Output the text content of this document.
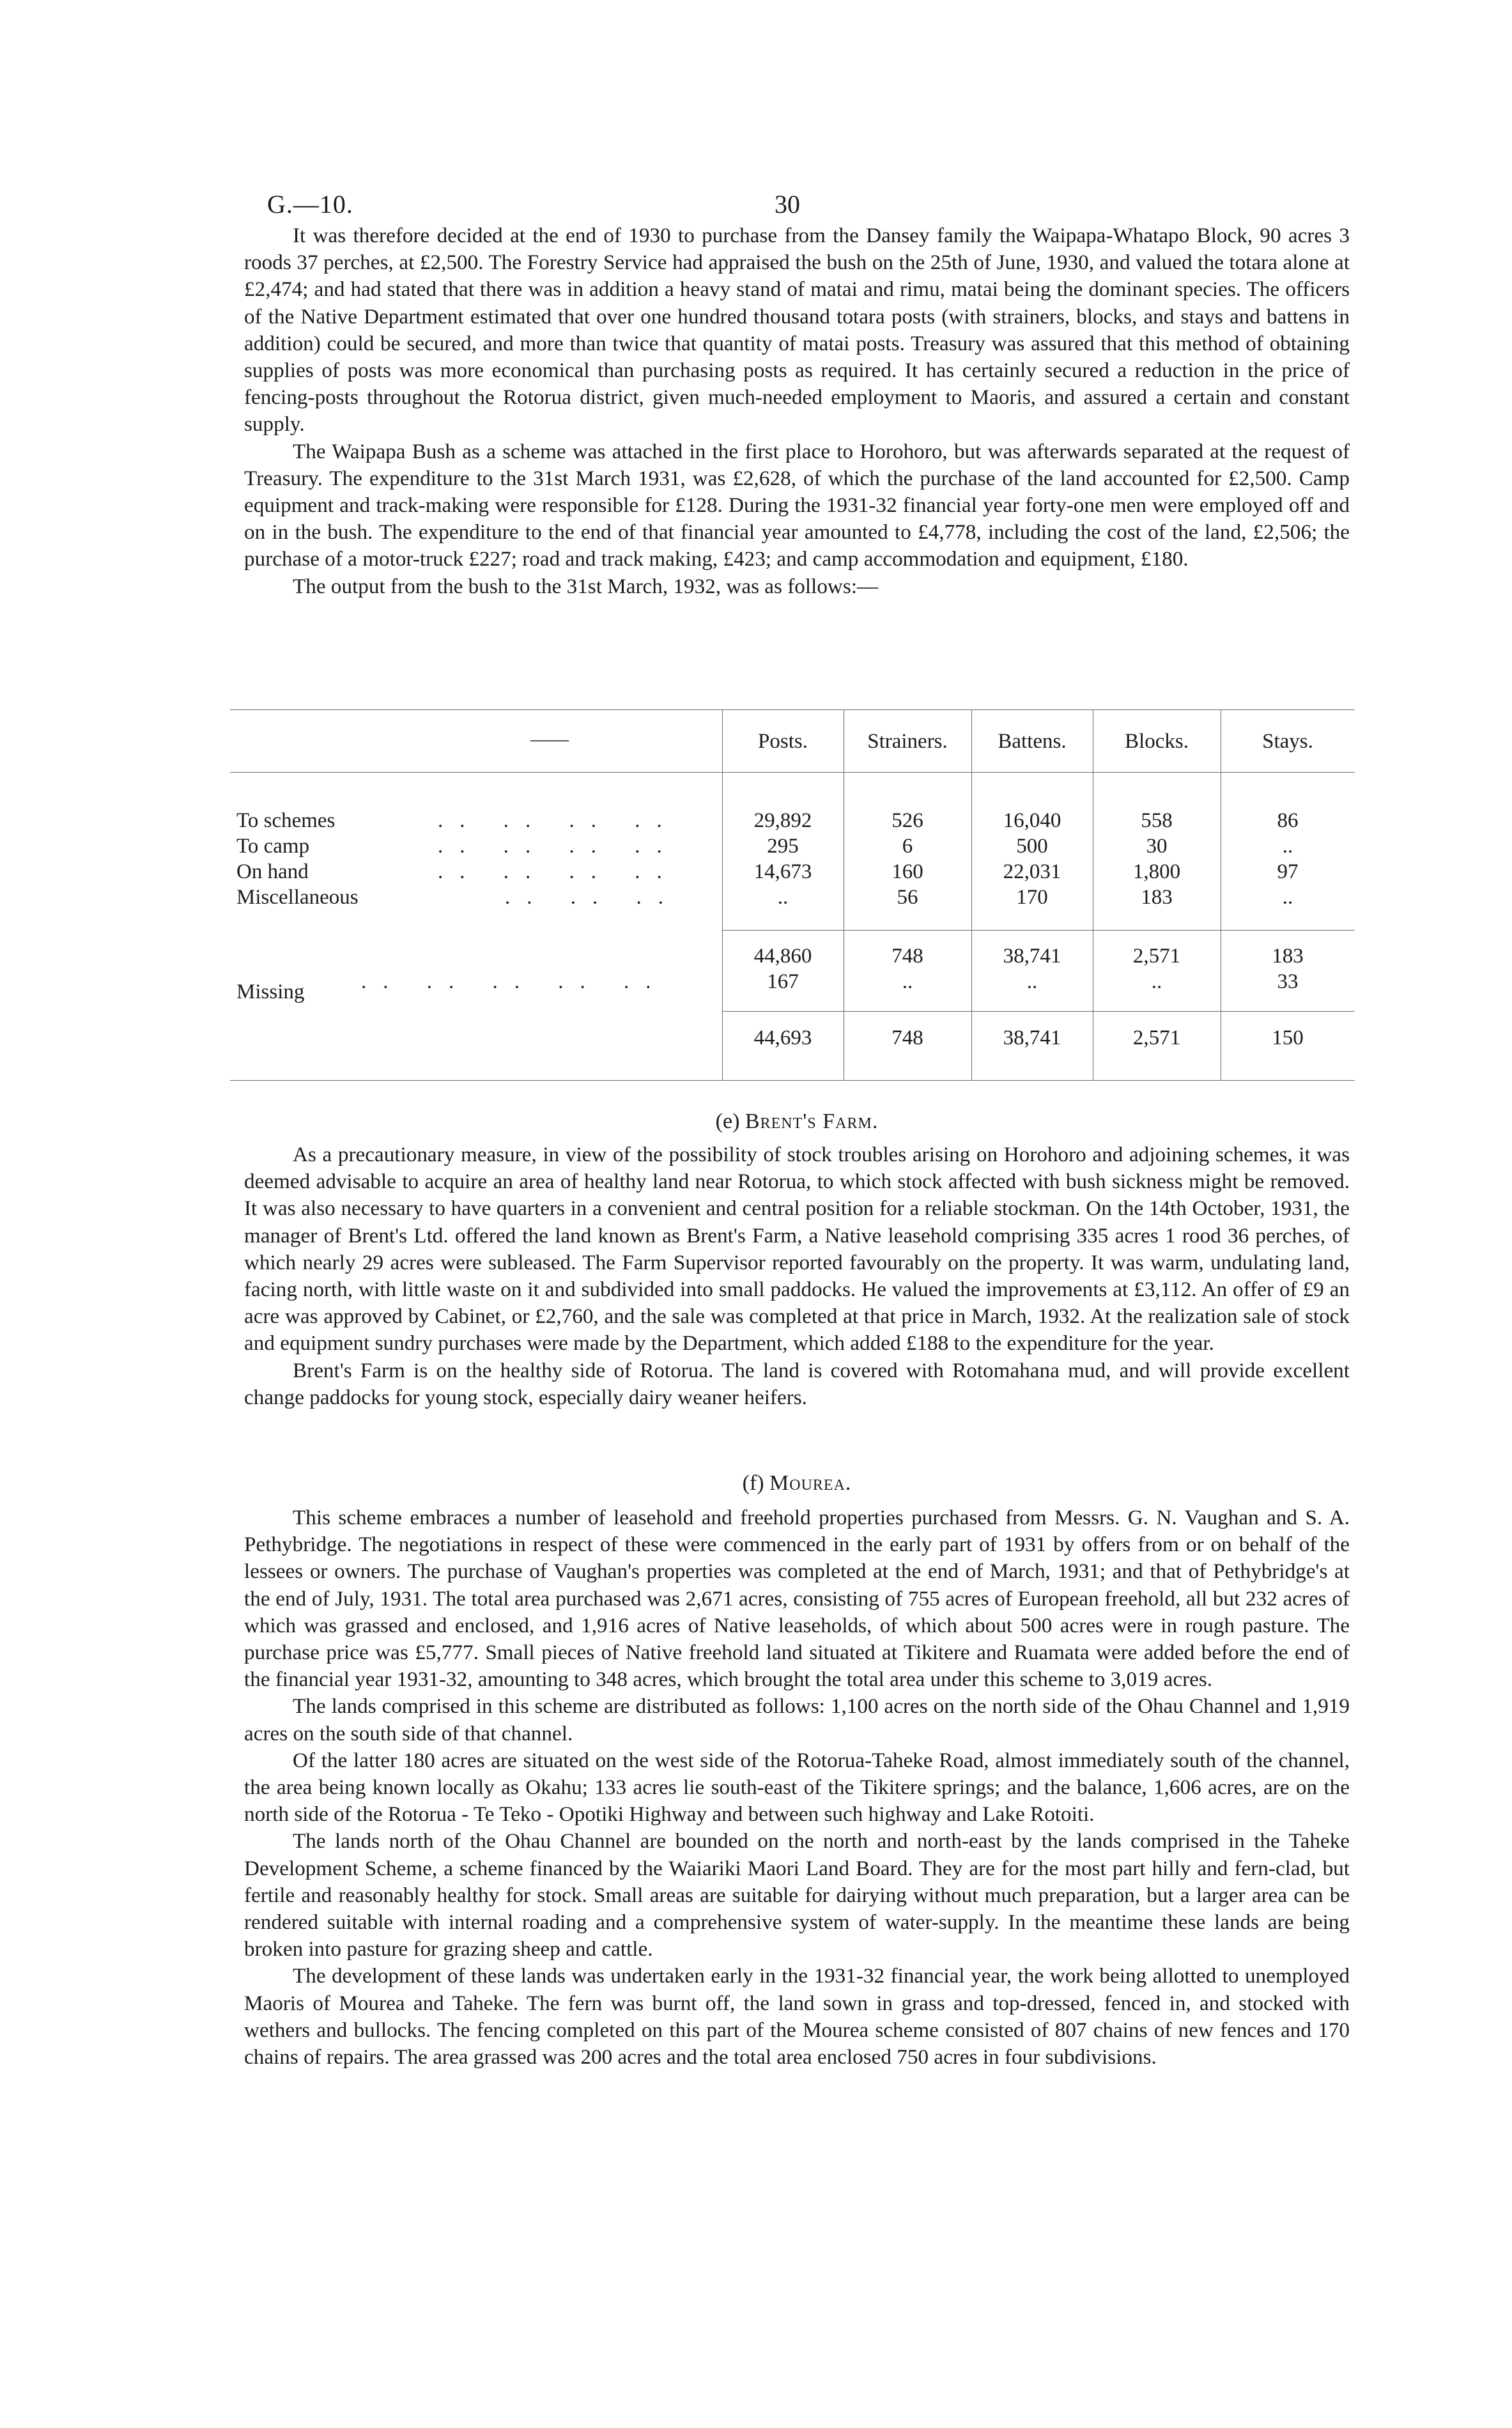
G.—10.	30

It was therefore decided at the end of 1930 to purchase from the Dansey family the Waipapa-Whatapo Block, 90 acres 3 roods 37 perches, at £2,500. The Forestry Service had appraised the bush on the 25th of June, 1930, and valued the totara alone at £2,474; and had stated that there was in addition a heavy stand of matai and rimu, matai being the dominant species. The officers of the Native Department estimated that over one hundred thousand totara posts (with strainers, blocks, and stays and battens in addition) could be secured, and more than twice that quantity of matai posts. Treasury was assured that this method of obtaining supplies of posts was more economical than purchasing posts as required. It has certainly secured a reduction in the price of fencing-posts throughout the Rotorua district, given much-needed employment to Maoris, and assured a certain and constant supply.

The Waipapa Bush as a scheme was attached in the first place to Horohoro, but was afterwards separated at the request of Treasury. The expenditure to the 31st March 1931, was £2,628, of which the purchase of the land accounted for £2,500. Camp equipment and track-making were responsible for £128. During the 1931-32 financial year forty-one men were employed off and on in the bush. The expenditure to the end of that financial year amounted to £4,778, including the cost of the land, £2,506; the purchase of a motor-truck £227; road and track making, £423; and camp accommodation and equipment, £180.

The output from the bush to the 31st March, 1932, was as follows:—

——	Posts.	Strainers.	Battens.	Blocks.	Stays.
To schemes	.. .. .. ..	29,892	526	16,040	558	86
To camp	.. .. .. ..	295	6	500	30	..
On hand	.. .. .. ..	14,673	160	22,031	1,800	97
Miscellaneous	.. .. ..	..	56	170	183	..
44,860	748	38,741	2,571	183
Missing	.. .. .. .. ..	167	..	..	..	33
44,693	748	38,741	2,571	150
(e) Brent's Farm.

As a precautionary measure, in view of the possibility of stock troubles arising on Horohoro and adjoining schemes, it was deemed advisable to acquire an area of healthy land near Rotorua, to which stock affected with bush sickness might be removed. It was also necessary to have quarters in a convenient and central position for a reliable stockman. On the 14th October, 1931, the manager of Brent's Ltd. offered the land known as Brent's Farm, a Native leasehold comprising 335 acres 1 rood 36 perches, of which nearly 29 acres were subleased. The Farm Supervisor reported favourably on the property. It was warm, undulating land, facing north, with little waste on it and subdivided into small paddocks. He valued the improvements at £3,112. An offer of £9 an acre was approved by Cabinet, or £2,760, and the sale was completed at that price in March, 1932. At the realization sale of stock and equipment sundry purchases were made by the Department, which added £188 to the expenditure for the year.

Brent's Farm is on the healthy side of Rotorua. The land is covered with Rotomahana mud, and will provide excellent change paddocks for young stock, especially dairy weaner heifers.

(f) Mourea.

This scheme embraces a number of leasehold and freehold properties purchased from Messrs. G. N. Vaughan and S. A. Pethybridge. The negotiations in respect of these were commenced in the early part of 1931 by offers from or on behalf of the lessees or owners. The purchase of Vaughan's properties was completed at the end of March, 1931; and that of Pethybridge's at the end of July, 1931. The total area purchased was 2,671 acres, consisting of 755 acres of European freehold, all but 232 acres of which was grassed and enclosed, and 1,916 acres of Native leaseholds, of which about 500 acres were in rough pasture. The purchase price was £5,777. Small pieces of Native freehold land situated at Tikitere and Ruamata were added before the end of the financial year 1931-32, amounting to 348 acres, which brought the total area under this scheme to 3,019 acres.

The lands comprised in this scheme are distributed as follows: 1,100 acres on the north side of the Ohau Channel and 1,919 acres on the south side of that channel.

Of the latter 180 acres are situated on the west side of the Rotorua-Taheke Road, almost immediately south of the channel, the area being known locally as Okahu; 133 acres lie south-east of the Tikitere springs; and the balance, 1,606 acres, are on the north side of the Rotorua - Te Teko - Opotiki Highway and between such highway and Lake Rotoiti.

The lands north of the Ohau Channel are bounded on the north and north-east by the lands comprised in the Taheke Development Scheme, a scheme financed by the Waiariki Maori Land Board. They are for the most part hilly and fern-clad, but fertile and reasonably healthy for stock. Small areas are suitable for dairying without much preparation, but a larger area can be rendered suitable with internal roading and a comprehensive system of water-supply. In the meantime these lands are being broken into pasture for grazing sheep and cattle.

The development of these lands was undertaken early in the 1931-32 financial year, the work being allotted to unemployed Maoris of Mourea and Taheke. The fern was burnt off, the land sown in grass and top-dressed, fenced in, and stocked with wethers and bullocks. The fencing completed on this part of the Mourea scheme consisted of 807 chains of new fences and 170 chains of repairs. The area grassed was 200 acres and the total area enclosed 750 acres in four subdivisions.
